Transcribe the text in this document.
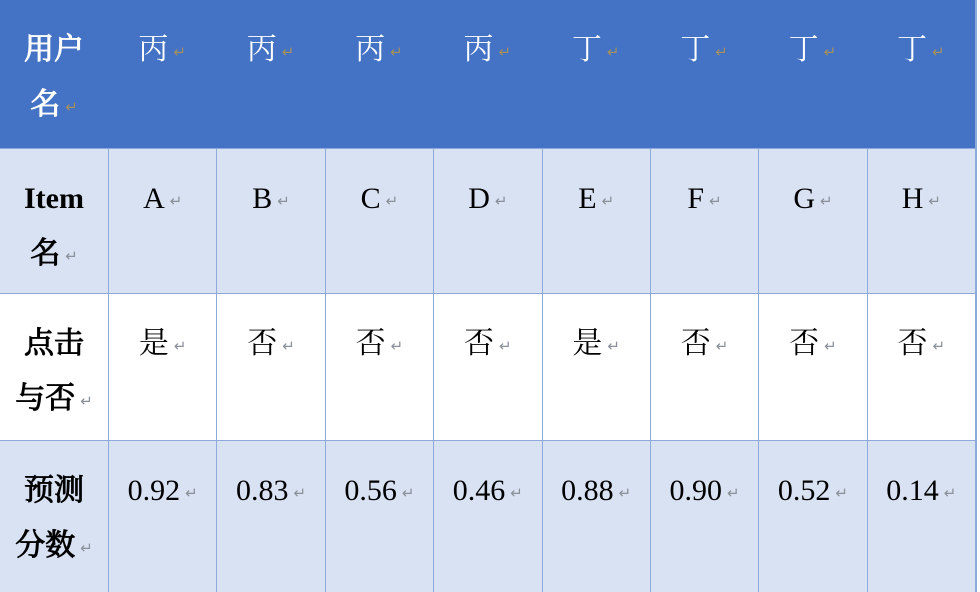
用户
名 ↵
丙 ↵	丙 ↵	丙 ↵	丙 ↵	丁 ↵	丁 ↵	丁 ↵	丁 ↵
Item
名 ↵
A ↵	B ↵	C ↵	D ↵	E ↵	F ↵	G ↵	H ↵
点击
与否 ↵
是 ↵	否 ↵	否 ↵	否 ↵	是 ↵	否 ↵	否 ↵	否 ↵
预测
分数 ↵
0.92 ↵	0.83 ↵	0.56 ↵	0.46 ↵	0.88 ↵	0.90 ↵	0.52 ↵	0.14 ↵
